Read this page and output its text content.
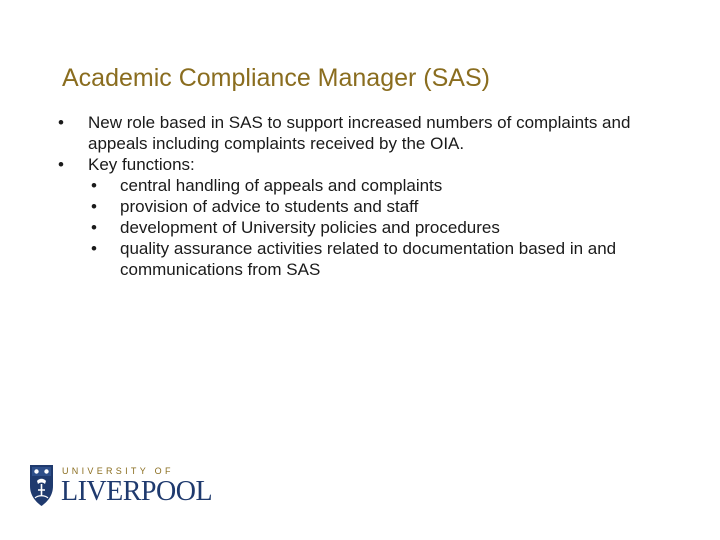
Academic Compliance Manager (SAS)
•	New role based in SAS to support increased numbers of complaints and appeals including complaints received by the OIA.
•	Key functions:
•	central handling of appeals and complaints
•	provision of advice to students and staff
•	development of University policies and procedures
•	quality assurance activities related to documentation based in and communications from SAS
UNIVERSITY OF
LIVERPOOL
